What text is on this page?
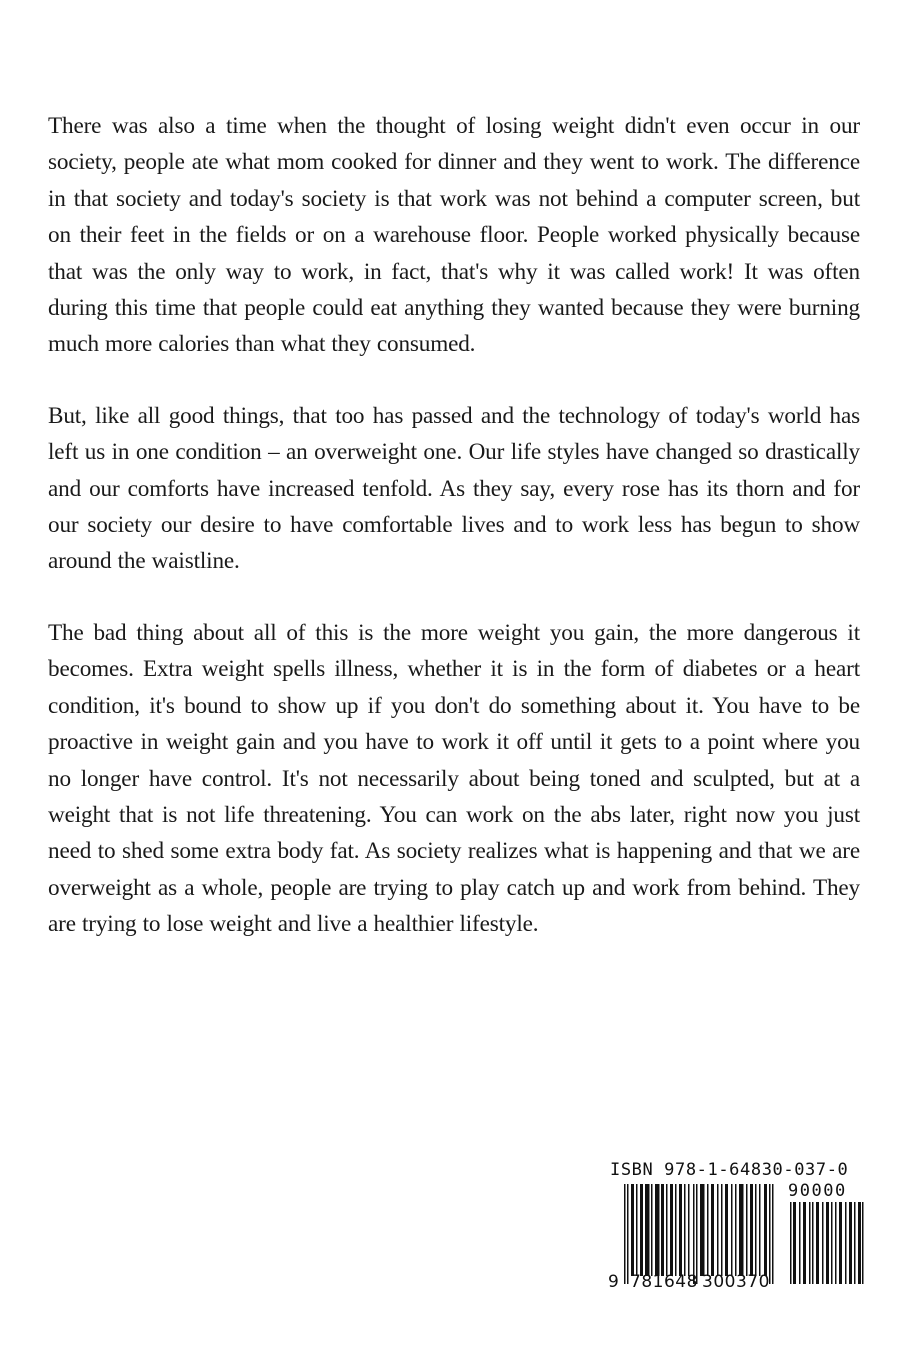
There was also a time when the thought of losing weight didn't even occur in our society, people ate what mom cooked for dinner and they went to work. The difference in that society and today's society is that work was not behind a computer screen, but on their feet in the fields or on a warehouse floor. People worked physically because that was the only way to work, in fact, that's why it was called work! It was often during this time that people could eat anything they wanted because they were burning much more calories than what they consumed.

But, like all good things, that too has passed and the technology of today's world has left us in one condition – an overweight one. Our life styles have changed so drastically and our comforts have increased tenfold. As they say, every rose has its thorn and for our society our desire to have comfortable lives and to work less has begun to show around the waistline.

The bad thing about all of this is the more weight you gain, the more dangerous it becomes. Extra weight spells illness, whether it is in the form of diabetes or a heart condition, it's bound to show up if you don't do something about it. You have to be proactive in weight gain and you have to work it off until it gets to a point where you no longer have control. It's not necessarily about being toned and sculpted, but at a weight that is not life threatening. You can work on the abs later, right now you just need to shed some extra body fat. As society realizes what is happening and that we are overweight as a whole, people are trying to play catch up and work from behind. They are trying to lose weight and live a healthier lifestyle.

ISBN 978-1-64830-037-0
90000
9 781648 300370
